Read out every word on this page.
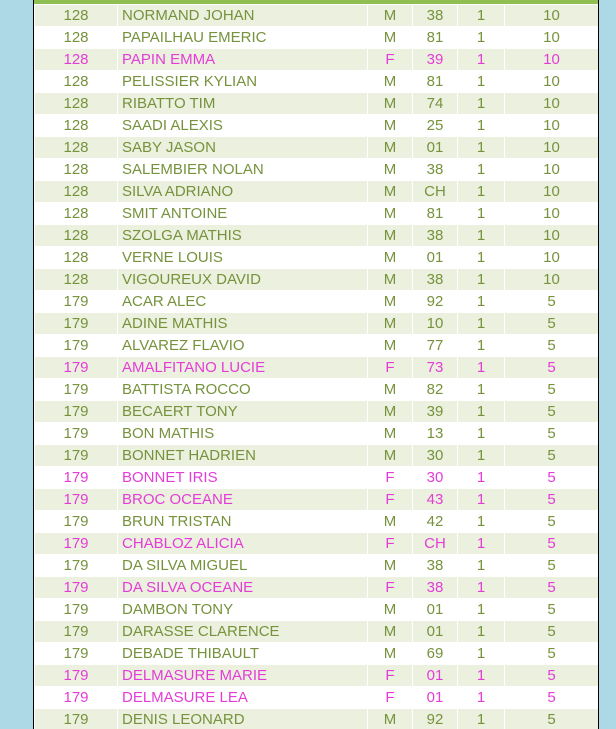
128	NORMAND JOHAN	M	38	1	10
128	PAPAILHAU EMERIC	M	81	1	10
128	PAPIN EMMA	F	39	1	10
128	PELISSIER KYLIAN	M	81	1	10
128	RIBATTO TIM	M	74	1	10
128	SAADI ALEXIS	M	25	1	10
128	SABY JASON	M	01	1	10
128	SALEMBIER NOLAN	M	38	1	10
128	SILVA ADRIANO	M	CH	1	10
128	SMIT ANTOINE	M	81	1	10
128	SZOLGA MATHIS	M	38	1	10
128	VERNE LOUIS	M	01	1	10
128	VIGOUREUX DAVID	M	38	1	10
179	ACAR ALEC	M	92	1	5
179	ADINE MATHIS	M	10	1	5
179	ALVAREZ FLAVIO	M	77	1	5
179	AMALFITANO LUCIE	F	73	1	5
179	BATTISTA ROCCO	M	82	1	5
179	BECAERT TONY	M	39	1	5
179	BON MATHIS	M	13	1	5
179	BONNET HADRIEN	M	30	1	5
179	BONNET IRIS	F	30	1	5
179	BROC OCEANE	F	43	1	5
179	BRUN TRISTAN	M	42	1	5
179	CHABLOZ ALICIA	F	CH	1	5
179	DA SILVA MIGUEL	M	38	1	5
179	DA SILVA OCEANE	F	38	1	5
179	DAMBON TONY	M	01	1	5
179	DARASSE CLARENCE	M	01	1	5
179	DEBADE THIBAULT	M	69	1	5
179	DELMASURE MARIE	F	01	1	5
179	DELMASURE LEA	F	01	1	5
179	DENIS LEONARD	M	92	1	5
